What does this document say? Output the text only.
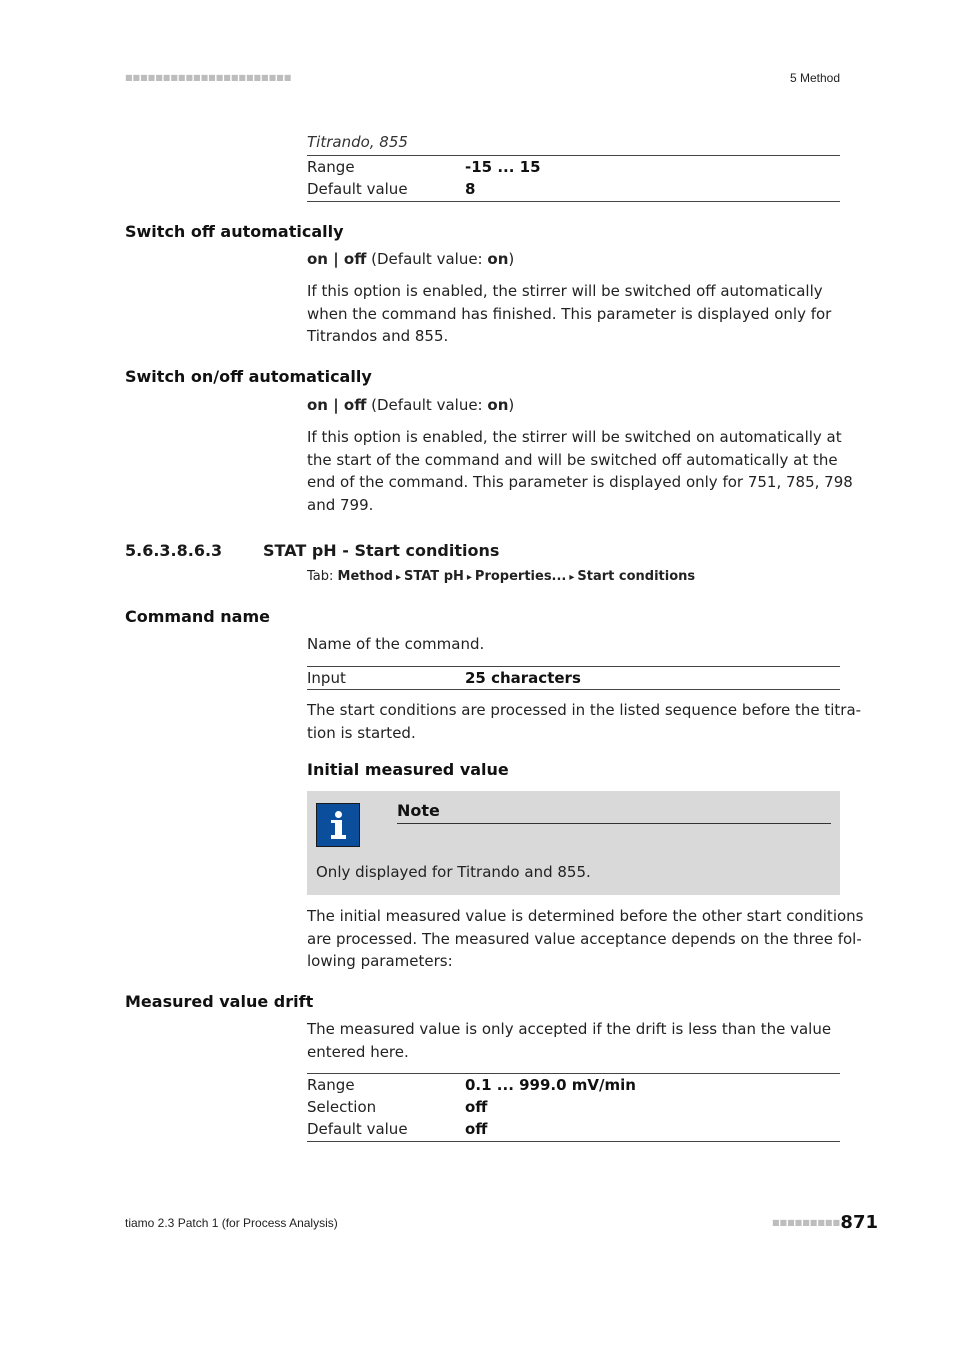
■■■■■■■■■■■■■■■■■■■■■■	5 Method
Titrando, 855
Range	-15 ... 15
Default value	8
Switch off automatically
on | off (Default value: on)
If this option is enabled, the stirrer will be switched off automatically
when the command has finished. This parameter is displayed only for
Titrandos and 855.
Switch on/off automatically
on | off (Default value: on)
If this option is enabled, the stirrer will be switched on automatically at
the start of the command and will be switched off automatically at the
end of the command. This parameter is displayed only for 751, 785, 798
and 799.
5.6.3.8.6.3	STAT pH - Start conditions
Tab: Method ▸ STAT pH ▸ Properties... ▸ Start conditions
Command name
Name of the command.
Input	25 characters
The start conditions are processed in the listed sequence before the titra-
tion is started.
Initial measured value
Note
Only displayed for Titrando and 855.
The initial measured value is determined before the other start conditions
are processed. The measured value acceptance depends on the three fol-
lowing parameters:
Measured value drift
The measured value is only accepted if the drift is less than the value
entered here.
Range	0.1 ... 999.0 mV/min
Selection	off
Default value	off
tiamo 2.3 Patch 1 (for Process Analysis)	■■■■■■■■■ 871
